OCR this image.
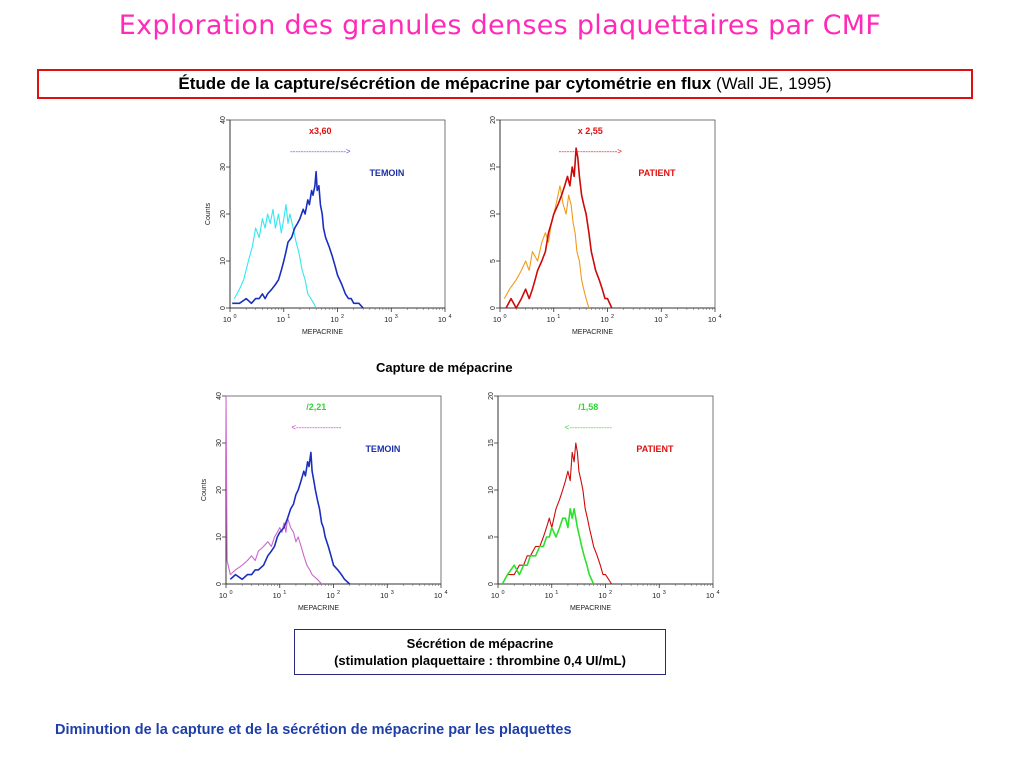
Exploration des granules denses plaquettaires par CMF
Étude de la capture/sécrétion de mépacrine par cytométrie en flux (Wall JE, 1995)
0
10
20
30
40
10 0	10 1	10 2	10 3	10 4
MEPACRINE
Counts
x3,60
--------------------->
TEMOIN
0
5
10
15
20
10 0	10 1	10 2	10 3	10 4
MEPACRINE
x 2,55
---------------------->
PATIENT
Capture de mépacrine
0
10
20
30
40
10 0	10 1	10 2	10 3	10 4
MEPACRINE
Counts
/2,21
<-----------------
TEMOIN
0
5
10
15
20
10 0	10 1	10 2	10 3	10 4
MEPACRINE
/1,58
<----------------
PATIENT
Sécrétion de mépacrine
(stimulation plaquettaire : thrombine 0,4 UI/mL)
Diminution de la capture et de la sécrétion de mépacrine par les plaquettes
